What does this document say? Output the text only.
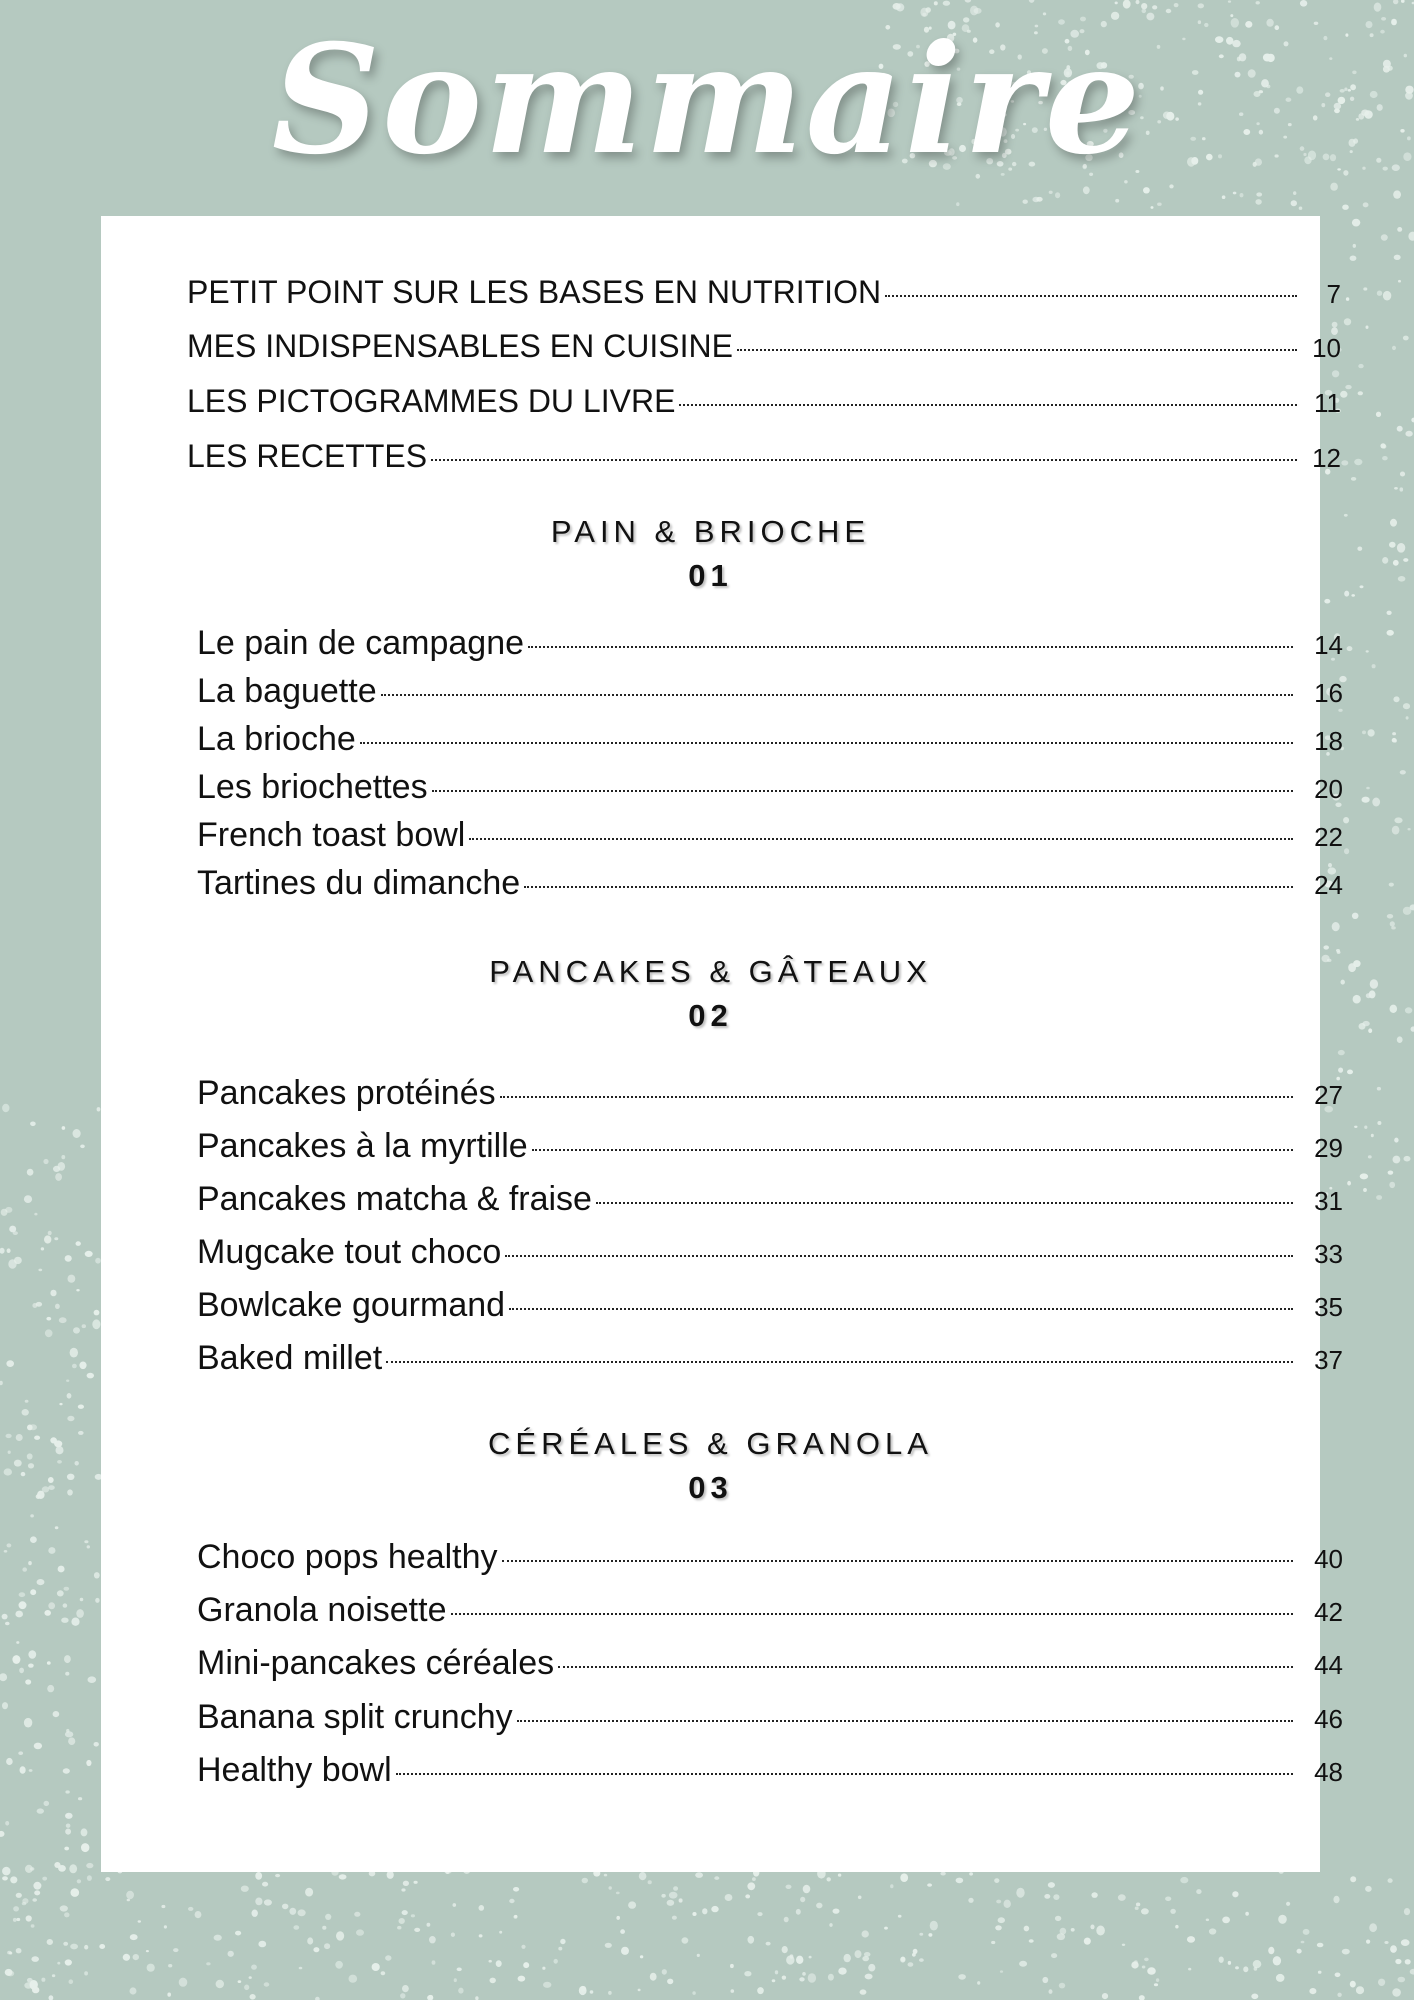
Sommaire
PETIT POINT SUR LES BASES EN NUTRITION	7
MES INDISPENSABLES EN CUISINE	10
LES PICTOGRAMMES DU LIVRE	11
LES RECETTES	12
PAIN & BRIOCHE
01
Le pain de campagne	14
La baguette	16
La brioche	18
Les briochettes	20
French toast bowl	22
Tartines du dimanche	24
PANCAKES & GÂTEAUX
02
Pancakes protéinés	27
Pancakes à la myrtille	29
Pancakes matcha & fraise	31
Mugcake tout choco	33
Bowlcake gourmand	35
Baked millet	37
CÉRÉALES & GRANOLA
03
Choco pops healthy	40
Granola noisette	42
Mini-pancakes céréales	44
Banana split crunchy	46
Healthy bowl	48
